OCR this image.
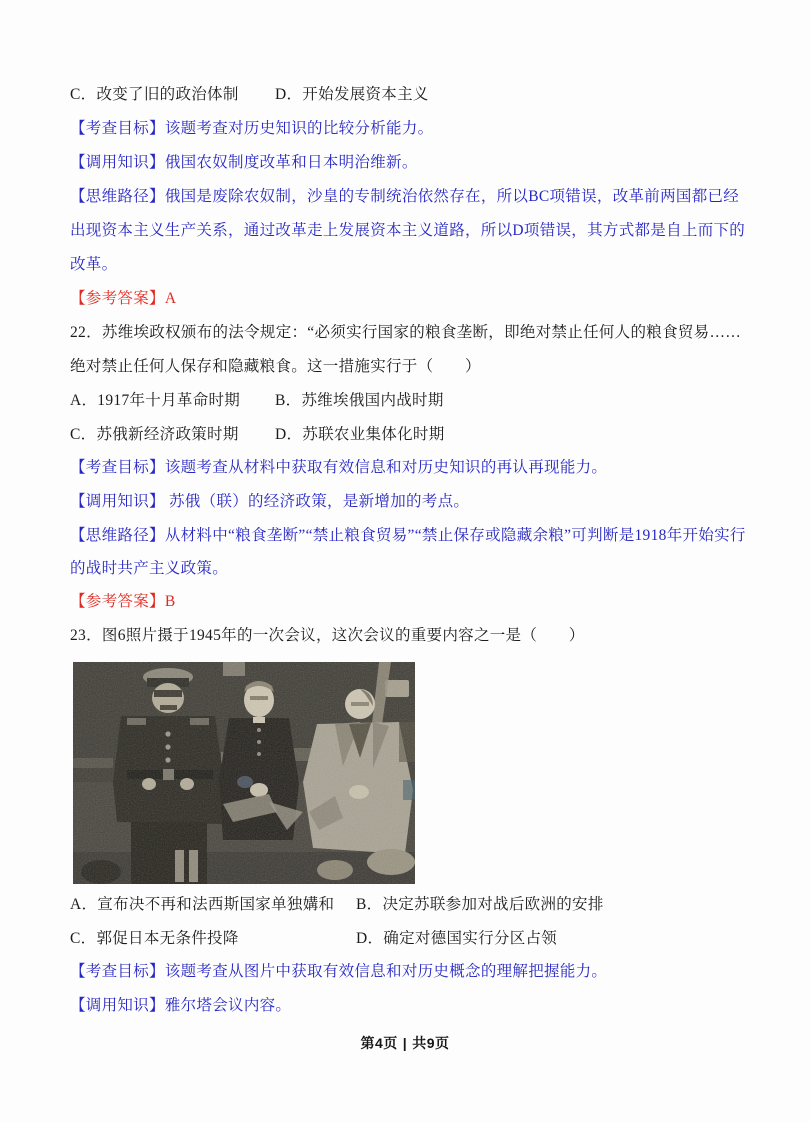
C．改变了旧的政治体制 D．开始发展资本主义
【考查目标】该题考查对历史知识的比较分析能力。
【调用知识】俄国农奴制度改革和日本明治维新。
【思维路径】俄国是废除农奴制，沙皇的专制统治依然存在，所以BC项错误，改革前两国都已经
出现资本主义生产关系，通过改革走上发展资本主义道路，所以D项错误，其方式都是自上而下的
改革。
【参考答案】A
22．苏维埃政权颁布的法令规定：“必须实行国家的粮食垄断，即绝对禁止任何人的粮食贸易……
绝对禁止任何人保存和隐藏粮食。这一措施实行于（　　）
A．1917年十月革命时期 B．苏维埃俄国内战时期
C．苏俄新经济政策时期 D．苏联农业集体化时期
【考查目标】该题考查从材料中获取有效信息和对历史知识的再认再现能力。
【调用知识】 苏俄（联）的经济政策，是新增加的考点。
【思维路径】从材料中“粮食垄断”“禁止粮食贸易”“禁止保存或隐藏余粮”可判断是1918年开始实行
的战时共产主义政策。
【参考答案】B
23．图6照片摄于1945年的一次会议，这次会议的重要内容之一是（　　）
A．宣布决不再和法西斯国家单独媾和 B．决定苏联参加对战后欧洲的安排
C．郭促日本无条件投降	D．确定对德国实行分区占领
【考查目标】该题考查从图片中获取有效信息和对历史概念的理解把握能力。
【调用知识】雅尔塔会议内容。
第4页 | 共9页
